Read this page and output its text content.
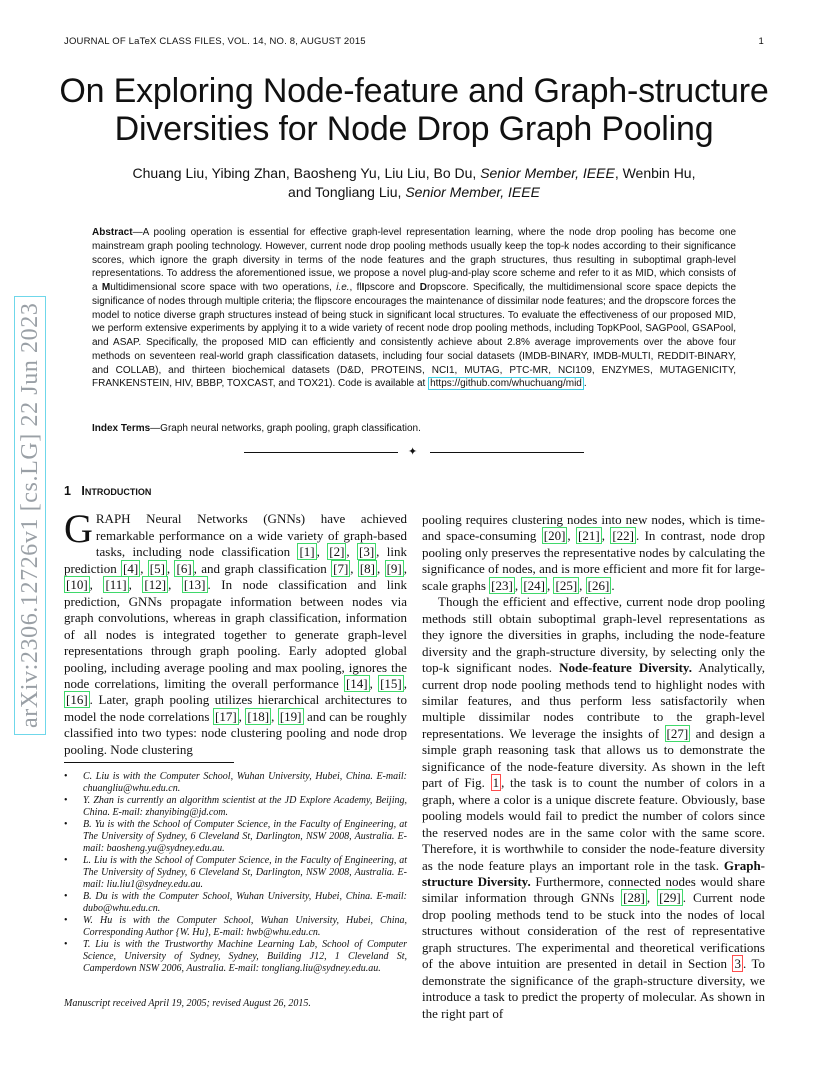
JOURNAL OF LaTeX CLASS FILES, VOL. 14, NO. 8, AUGUST 2015	1
On Exploring Node-feature and Graph-structure
Diversities for Node Drop Graph Pooling
Chuang Liu, Yibing Zhan, Baosheng Yu, Liu Liu, Bo Du, Senior Member, IEEE, Wenbin Hu,
and Tongliang Liu, Senior Member, IEEE
Abstract—A pooling operation is essential for effective graph-level representation learning, where the node drop pooling has become one mainstream graph pooling technology. However, current node drop pooling methods usually keep the top-k nodes according to their significance scores, which ignore the graph diversity in terms of the node features and the graph structures, thus resulting in suboptimal graph-level representations. To address the aforementioned issue, we propose a novel plug-and-play score scheme and refer to it as MID, which consists of a Multidimensional score space with two operations, i.e., flIpscore and Dropscore. Specifically, the multidimensional score space depicts the significance of nodes through multiple criteria; the flipscore encourages the maintenance of dissimilar node features; and the dropscore forces the model to notice diverse graph structures instead of being stuck in significant local structures. To evaluate the effectiveness of our proposed MID, we perform extensive experiments by applying it to a wide variety of recent node drop pooling methods, including TopKPool, SAGPool, GSAPool, and ASAP. Specifically, the proposed MID can efficiently and consistently achieve about 2.8% average improvements over the above four methods on seventeen real-world graph classification datasets, including four social datasets (IMDB-BINARY, IMDB-MULTI, REDDIT-BINARY, and COLLAB), and thirteen biochemical datasets (D&D, PROTEINS, NCI1, MUTAG, PTC-MR, NCI109, ENZYMES, MUTAGENICITY, FRANKENSTEIN, HIV, BBBP, TOXCAST, and TOX21). Code is available at https://github.com/whuchuang/mid .
Index Terms—Graph neural networks, graph pooling, graph classification.
✦
arXiv:2306.12726v1 [cs.LG] 22 Jun 2023 1 Introduction

GRAPH Neural Networks (GNNs) have achieved remarkable performance on a wide variety of graph-based tasks, including node classification [1] , [2] , [3] , link prediction [4] , [5] , [6] , and graph classification [7] , [8] , [9] , [10] , [11] , [12] , [13] . In node classification and link prediction, GNNs propagate information between nodes via graph convolutions, whereas in graph classification, information of all nodes is integrated together to generate graph-level representations through graph pooling. Early adopted global pooling, including average pooling and max pooling, ignores the node correlations, limiting the overall performance [14] , [15] , [16] . Later, graph pooling utilizes hierarchical architectures to model the node correlations [17] , [18] , [19] and can be roughly classified into two types: node clustering pooling and node drop pooling. Node clustering

pooling requires clustering nodes into new nodes, which is time-and space-consuming [20] , [21] , [22] . In contrast, node drop pooling only preserves the representative nodes by calculating the significance of nodes, and is more efficient and more fit for large-scale graphs [23] , [24] , [25] , [26] .

Though the efficient and effective, current node drop pooling methods still obtain suboptimal graph-level representations as they ignore the diversities in graphs, including the node-feature diversity and the graph-structure diversity, by selecting only the top-k significant nodes. Node-feature Diversity. Analytically, current drop node pooling methods tend to highlight nodes with similar features, and thus perform less satisfactorily when multiple dissimilar nodes contribute to the graph-level representations. We leverage the insights of [27] and design a simple graph reasoning task that allows us to demonstrate the significance of the node-feature diversity. As shown in the left part of Fig. 1 , the task is to count the number of colors in a graph, where a color is a unique discrete feature. Obviously, base pooling models would fail to predict the number of colors since the reserved nodes are in the same color with the same score. Therefore, it is worthwhile to consider the node-feature diversity as the node feature plays an important role in the task. Graph-structure Diversity. Furthermore, connected nodes would share similar information through GNNs [28] , [29] . Current node drop pooling methods tend to be stuck into the nodes of local structures without consideration of the rest of representative graph structures. The experimental and theoretical verifications of the above intuition are presented in detail in Section 3 . To demonstrate the significance of the graph-structure diversity, we introduce a task to predict the property of molecular. As shown in the right part of

• C. Liu is with the Computer School, Wuhan University, Hubei, China. E-mail: chuangliu@whu.edu.cn.
• Y. Zhan is currently an algorithm scientist at the JD Explore Academy, Beijing, China. E-mail: zhanyibing@jd.com.
• B. Yu is with the School of Computer Science, in the Faculty of Engineering, at The University of Sydney, 6 Cleveland St, Darlington, NSW 2008, Australia. E-mail: baosheng.yu@sydney.edu.au.
• L. Liu is with the School of Computer Science, in the Faculty of Engineering, at The University of Sydney, 6 Cleveland St, Darlington, NSW 2008, Australia. E-mail: liu.liu1@sydney.edu.au.
• B. Du is with the Computer School, Wuhan University, Hubei, China. E-mail: dubo@whu.edu.cn.
• W. Hu is with the Computer School, Wuhan University, Hubei, China, Corresponding Author {W. Hu}, E-mail: hwb@whu.edu.cn.
• T. Liu is with the Trustworthy Machine Learning Lab, School of Computer Science, University of Sydney, Sydney, Building J12, 1 Cleveland St, Camperdown NSW 2006, Australia. E-mail: tongliang.liu@sydney.edu.au.
Manuscript received April 19, 2005; revised August 26, 2015.
